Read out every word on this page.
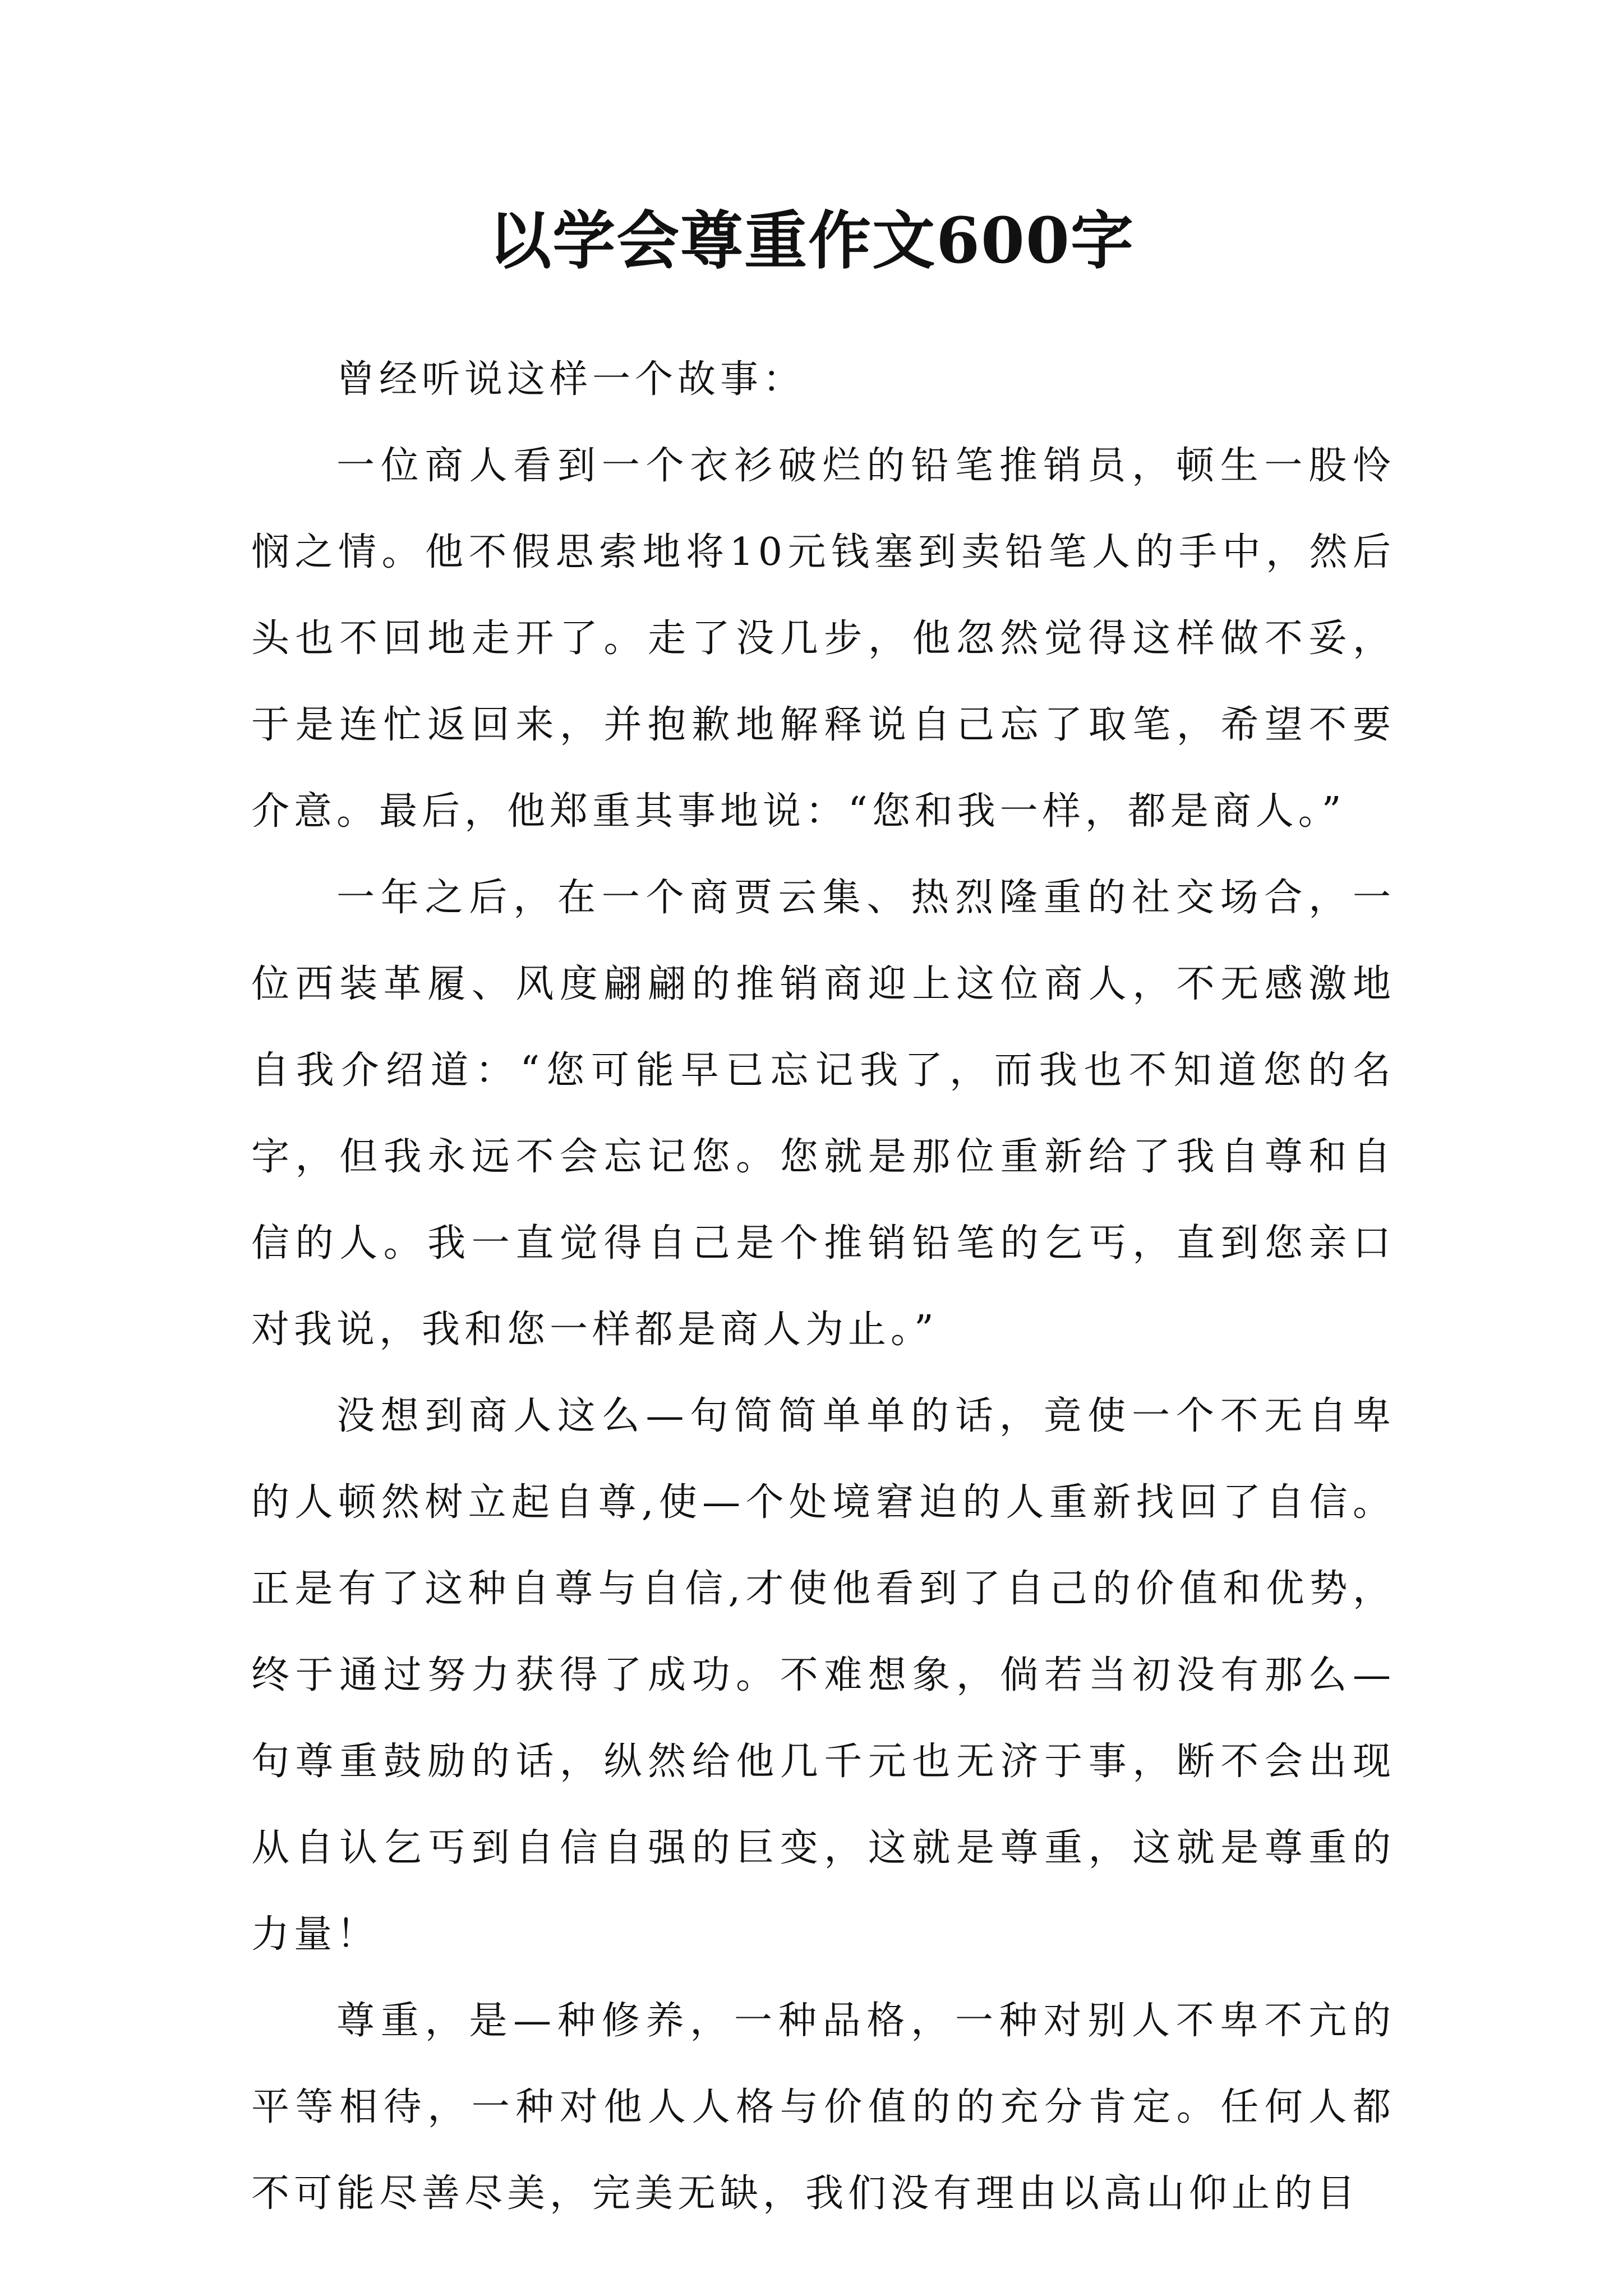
以学会尊重作文600字

曾经听说这样一个故事：

一位商人看到一个衣衫破烂的铅笔推销员，顿生一股怜悯之情。他不假思索地将10元钱塞到卖铅笔人的手中，然后头也不回地走开了。走了没几步，他忽然觉得这样做不妥，于是连忙返回来，并抱歉地解释说自己忘了取笔，希望不要介意。最后，他郑重其事地说：“您和我一样，都是商人。”

一年之后，在一个商贾云集、热烈隆重的社交场合，一位西装革履、风度翩翩的推销商迎上这位商人，不无感激地自我介绍道：“您可能早已忘记我了，而我也不知道您的名字，但我永远不会忘记您。您就是那位重新给了我自尊和自信的人。我一直觉得自己是个推销铅笔的乞丐，直到您亲口对我说，我和您一样都是商人为止。”

没想到商人这么—句简简单单的话，竟使一个不无自卑的人顿然树立起自尊,使—个处境窘迫的人重新找回了自信。正是有了这种自尊与自信,才使他看到了自己的价值和优势，终于通过努力获得了成功。不难想象，倘若当初没有那么—句尊重鼓励的话，纵然给他几千元也无济于事，断不会出现从自认乞丐到自信自强的巨变，这就是尊重，这就是尊重的力量！

尊重，是—种修养，一种品格，一种对别人不卑不亢的平等相待，一种对他人人格与价值的的充分肯定。任何人都不可能尽善尽美，完美无缺，我们没有理由以高山仰止的目
